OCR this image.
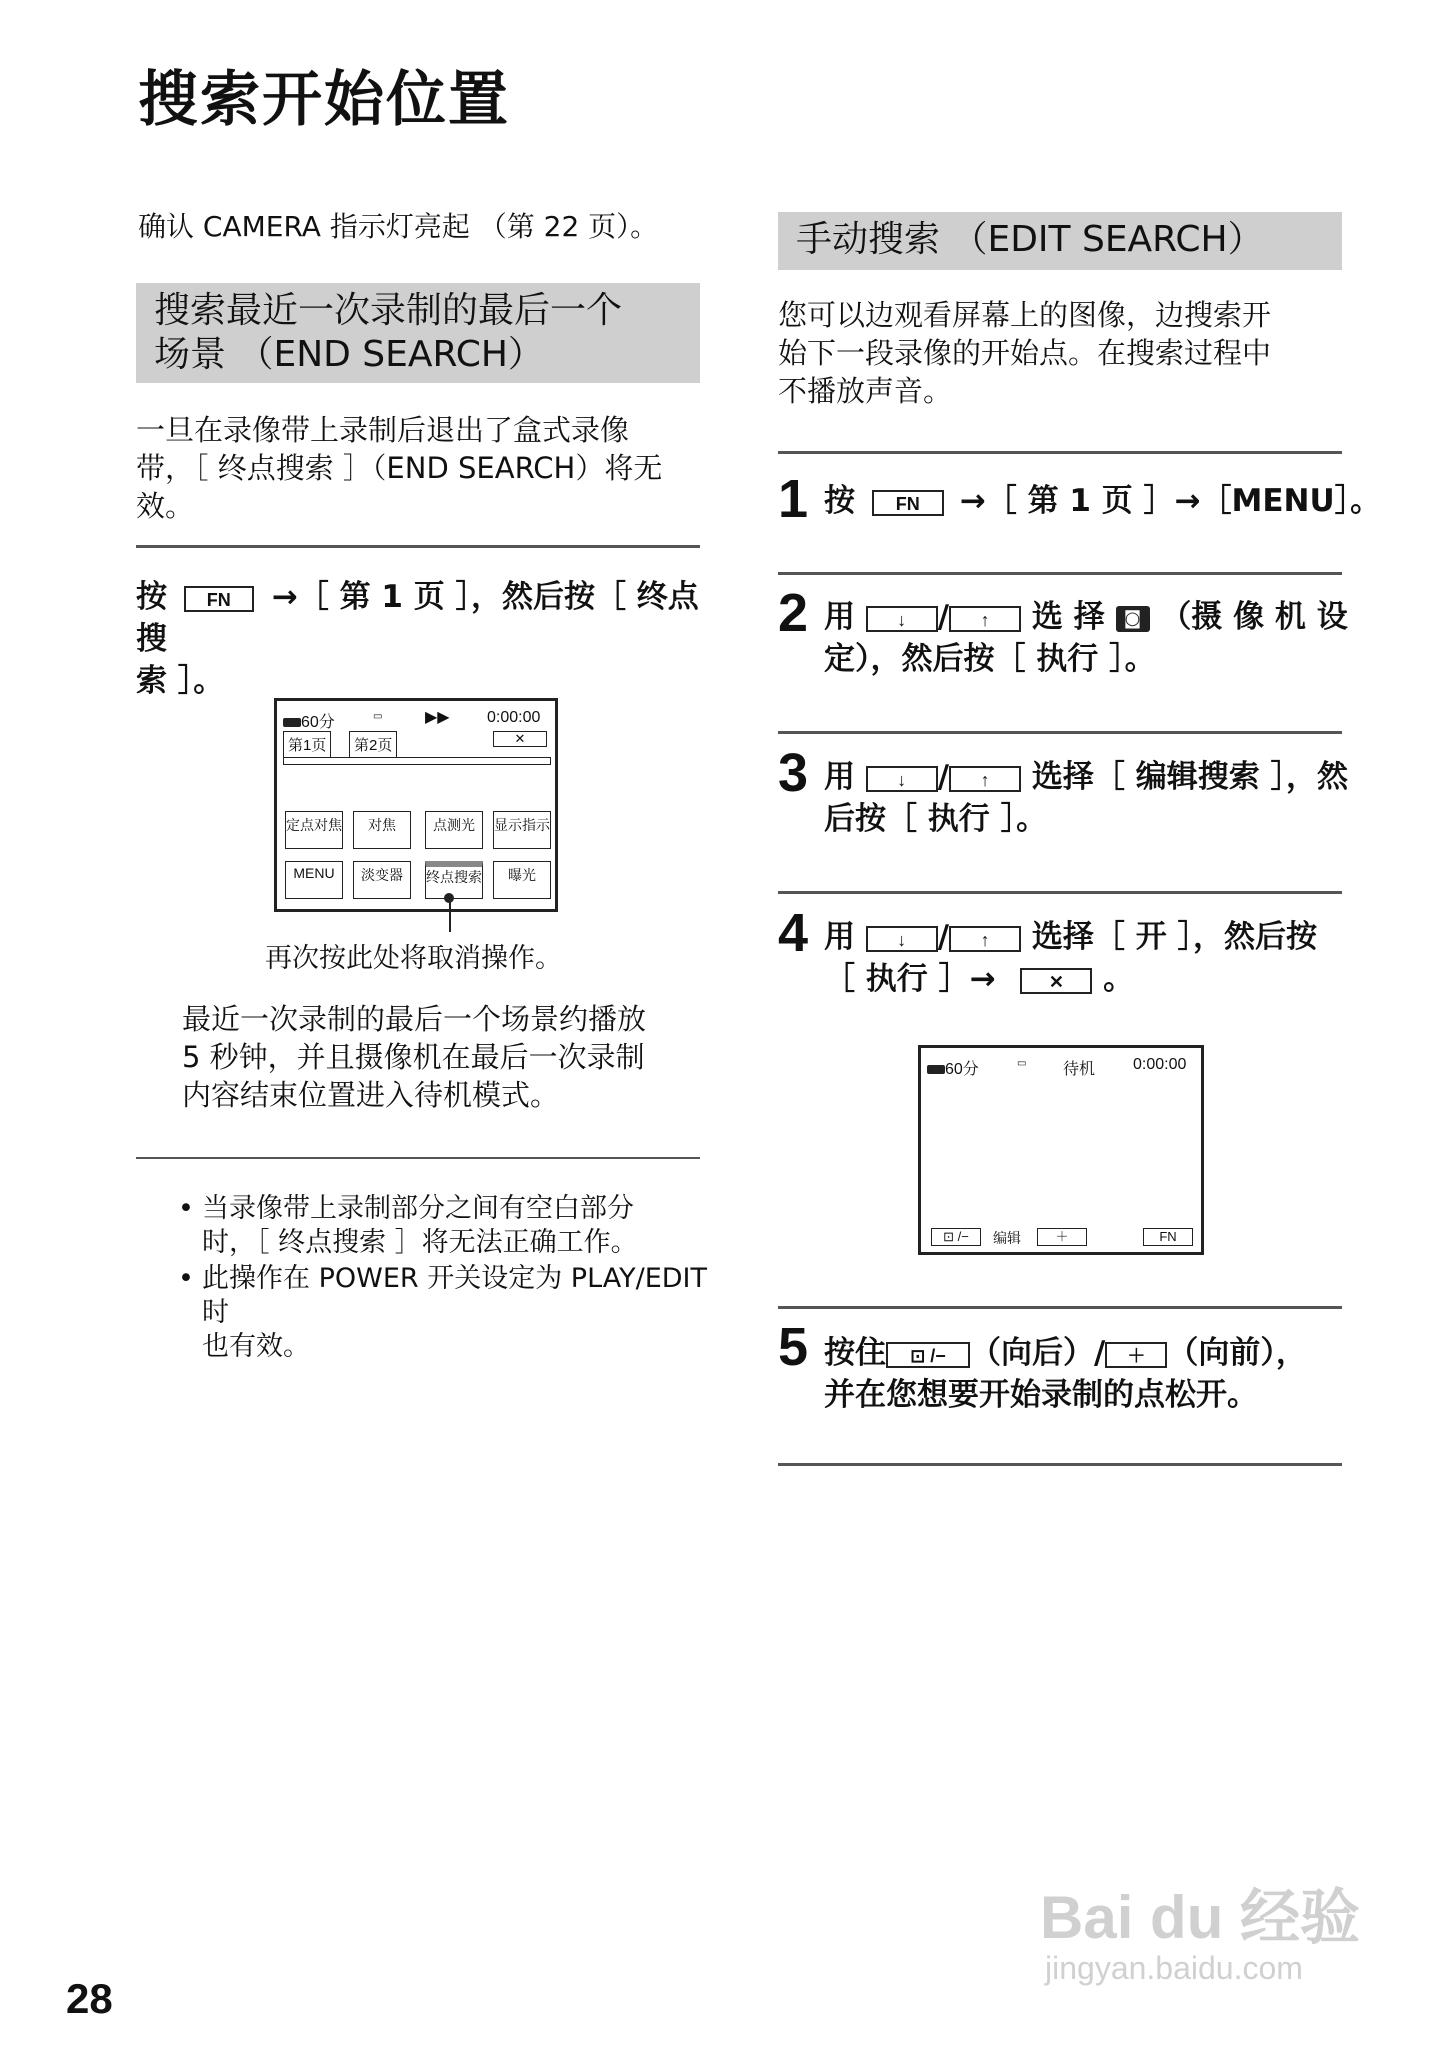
搜索开始位置
确认 CAMERA 指示灯亮起 （第 22 页）。
搜索最近一次录制的最后一个
场景 （END SEARCH）
一旦在录像带上录制后退出了盒式录像
带，［ 终点搜索 ］（END SEARCH）将无
效。
按 FN →［ 第 1 页 ］，然后按［ 终点搜
索 ］。
60分	▭	▶▶ 0:00:00
✕
第1页	第2页
定点对焦	对焦	点测光	显示指示
MENU	淡变器	终点搜索	曝光
再次按此处将取消操作。
最近一次录制的最后一个场景约播放
5 秒钟，并且摄像机在最后一次录制
内容结束位置进入待机模式。
• 当录像带上录制部分之间有空白部分
时，［ 终点搜索 ］将无法正确工作。
• 此操作在 POWER 开关设定为 PLAY/EDIT 时
也有效。
手动搜索 （EDIT SEARCH）
您可以边观看屏幕上的图像，边搜索开
始下一段录像的开始点。在搜索过程中
不播放声音。
1 按 FN →［ 第 1 页 ］→［MENU］。
2 用 ↓ / ↑ 选 择 ◙ （摄 像 机 设
定），然后按［ 执行 ］。
3 用 ↓ / ↑ 选择［ 编辑搜索 ］，然
后按［ 执行 ］。
4 用 ↓ / ↑ 选择［ 开 ］，然后按
［ 执行 ］→	✕ 。
60分	▭ 待机 0:00:00
⊡ /−	编辑	＋	FN
5 按住 ⊡ /− （向后）/ ＋ （向前），
并在您想要开始录制的点松开。
Bai du 经验
jingyan.baidu.com
28
